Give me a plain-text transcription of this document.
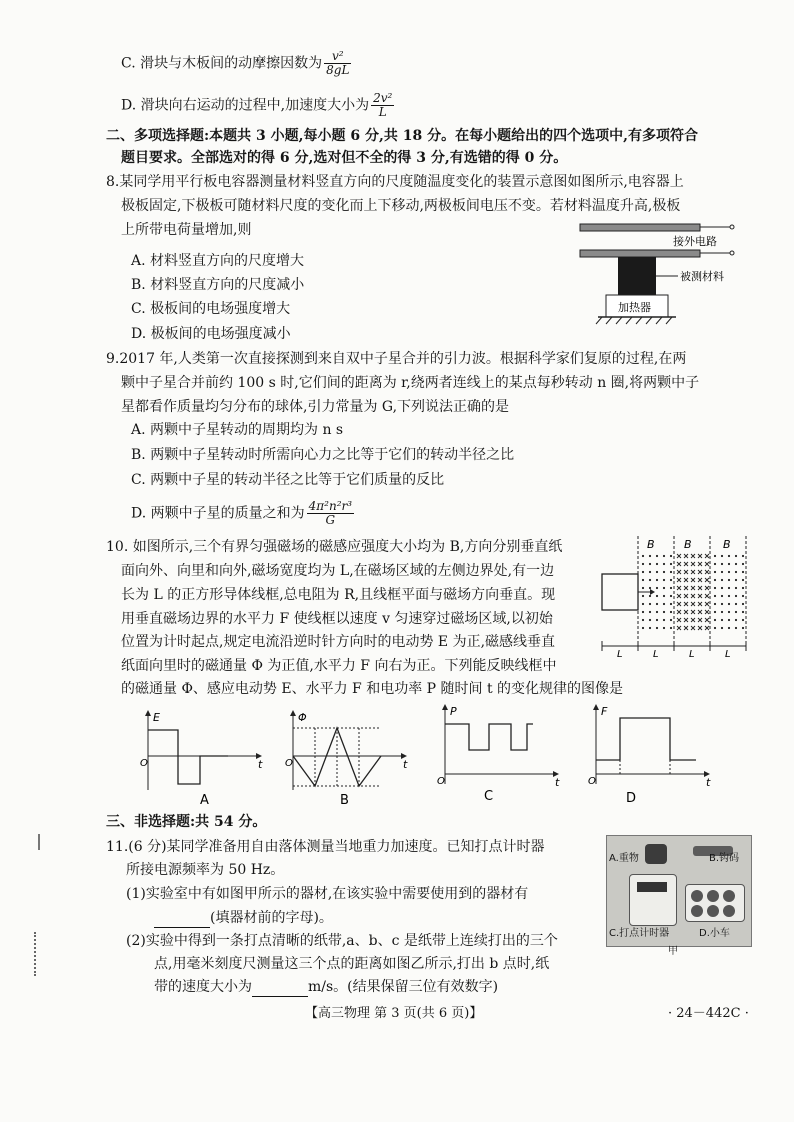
C. 滑块与木板间的动摩擦因数为 $\frac{\text{v²}}{8gL}$
D. 滑块向右运动的过程中,加速度大小为 $\frac{\text{2v²}}{L}$
二、多项选择题:本题共 3 小题,每小题 6 分,共 18 分。在每小题给出的四个选项中,有多项符合
题目要求。全部选对的得 6 分,选对但不全的得 3 分,有选错的得 0 分。
8.某同学用平行板电容器测量材料竖直方向的尺度随温度变化的装置示意图如图所示,电容器上
极板固定,下极板可随材料尺度的变化而上下移动,两极板间电压不变。若材料温度升高,极板
上所带电荷量增加,则
A. 材料竖直方向的尺度增大
B. 材料竖直方向的尺度减小
C. 极板间的电场强度增大
D. 极板间的电场强度减小
接外电路
被测材料
加热器
9.2017 年,人类第一次直接探测到来自双中子星合并的引力波。根据科学家们复原的过程,在两
颗中子星合并前约 100 s 时,它们间的距离为 r,绕两者连线上的某点每秒转动 n 圈,将两颗中子
星都看作质量均匀分布的球体,引力常量为 G,下列说法正确的是
A. 两颗中子星转动的周期均为 n s
B. 两颗中子星转动时所需向心力之比等于它们的转动半径之比
C. 两颗中子星的转动半径之比等于它们质量的反比
D. 两颗中子星的质量之和为 $\frac{\text{4π²n²r³}}{G}$
10. 如图所示,三个有界匀强磁场的磁感应强度大小均为 B,方向分别垂直纸
面向外、向里和向外,磁场宽度均为 L,在磁场区域的左侧边界处,有一边
长为 L 的正方形导体线框,总电阻为 R,且线框平面与磁场方向垂直。现
用垂直磁场边界的水平力 F 使线框以速度 v 匀速穿过磁场区域,以初始
位置为计时起点,规定电流沿逆时针方向时的电动势 E 为正,磁感线垂直
纸面向里时的磁通量 Φ 为正值,水平力 F 向右为正。下列能反映线框中
的磁通量 Φ、感应电动势 E、水平力 F 和电功率 P 随时间 t 的变化规律的图像是
B	B	B
L	L	L	L
E
t
O
A
Φ
t
O
B
P
t
O
C
F
t
O
D
三、非选择题:共 54 分。
11.(6 分)某同学准备用自由落体测量当地重力加速度。已知打点计时器
所接电源频率为 50 Hz。
(1)实验室中有如图甲所示的器材,在该实验中需要使用到的器材有
(填器材前的字母)。
(2)实验中得到一条打点清晰的纸带,a、b、c 是纸带上连续打出的三个
点,用毫米刻度尺测量这三个点的距离如图乙所示,打出 b 点时,纸
带的速度大小为	m/s。(结果保留三位有效数字)
A.重物	B.钩码
C.打点计时器	D.小车
甲
【高三物理 第 3 页(共 6 页)】	· 24－442C ·
